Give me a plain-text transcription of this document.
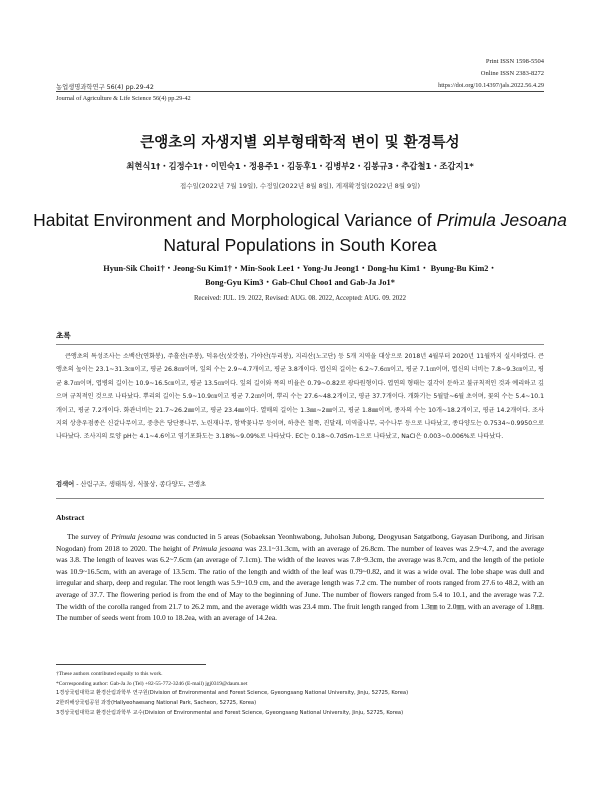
Print ISSN 1598-5504
Online ISSN 2383-8272
농업생명과학연구 56(4) pp.29-42	https://doi.org/10.14397/jals.2022.56.4.29
Journal of Agriculture & Life Science 56(4) pp.29-42
큰앵초의 자생지별 외부형태학적 변이 및 환경특성
최현식1†・김정수1†・이민숙1・정용주1・김동후1・김병부2・김봉규3・추갑철1・조갑지1*
접수일(2022년 7월 19일), 수정일(2022년 8월 8일), 게재확정일(2022년 8월 9일)
Habitat Environment and Morphological Variance of Primula Jesoana
Natural Populations in South Korea
Hyun-Sik Choi1†・Jeong-Su Kim1†・Min-Sook Lee1・Yong-Ju Jeong1・Dong-hu Kim1・ Byung-Bu Kim2・
Bong-Gyu Kim3・Gab-Chul Choo1 and Gab-Ja Jo1*
Received: JUL. 19. 2022, Revised: AUG. 08. 2022, Accepted: AUG. 09. 2022
초록
큰앵초의 특성조사는 소백산(연화봉), 주흘산(주봉), 덕유산(삿갓봉), 가야산(두리봉), 지리산(노고단) 등 5개 지역을 대상으로 2018년 4월부터 2020년 11월까지 실시하였다. 큰앵초의 높이는 23.1~31.3㎝이고, 평균 26.8㎝이며, 잎의 수는 2.9~4.7개이고, 평균 3.8개이다. 엽신의 길이는 6.2~7.6㎝이고, 평균 7.1㎝이며, 엽신의 너비는 7.8~9.3㎝이고, 평균 8.7㎝이며, 엽병의 길이는 10.9~16.5㎝이고, 평균 13.5㎝이다. 잎의 길이와 폭의 비율은 0.79~0.82로 광타원형이다. 엽연의 형태는 결각이 둔하고 불규칙적인 것과 예리하고 깊으며 규칙적인 것으로 나타났다. 뿌리의 길이는 5.9~10.9㎝이고 평균 7.2㎝이며, 뿌리 수는 27.6~48.2개이고, 평균 37.7개이다. 개화기는 5월말~6월 초이며, 꽃의 수는 5.4~10.1개이고, 평균 7.2개이다. 화관너비는 21.7~26.2㎜이고, 평균 23.4㎜이다. 열매의 길이는 1.3㎜~2㎜이고, 평균 1.8㎜이며, 종자의 수는 10개~18.2개이고, 평균 14.2개이다. 조사지의 상층우점종은 신갈나무이고, 중층은 당단풍나무, 노린재나무, 함박꽃나무 등이며, 하층은 철쭉, 진달래, 미역줄나무, 국수나무 등으로 나타났고, 종다양도는 0.7534~0.9950으로 나타났다. 조사지의 토양 pH는 4.1~4.6이고 염기포화도는 3.18%~9.09%로 나타났다. EC는 0.18~0.7dSm-1으로 나타났고, NaCl은 0.003~0.006%로 나타났다.
검색어 - 산림구조, 생태특성, 식물상, 종다양도, 큰앵초
Abstract
The survey of Primula jesoana was conducted in 5 areas (Sobaeksan Yeonhwabong, Juholsan Jubong, Deogyusan Satgatbong, Gayasan Duribong, and Jirisan Nogodan) from 2018 to 2020. The height of Primula jesoana was 23.1~31.3cm, with an average of 26.8cm. The number of leaves was 2.9~4.7, and the average was 3.8. The length of leaves was 6.2~7.6cm (an average of 7.1cm). The width of the leaves was 7.8~9.3cm, the average was 8.7cm, and the length of the petiole was 10.9~16.5cm, with an average of 13.5cm. The ratio of the length and width of the leaf was 0.79~0.82, and it was a wide oval. The lobe shape was dull and irregular and sharp, deep and regular. The root length was 5.9~10.9 cm, and the average length was 7.2 cm. The number of roots ranged from 27.6 to 48.2, with an average of 37.7. The flowering period is from the end of May to the beginning of June. The number of flowers ranged from 5.4 to 10.1, and the average was 7.2. The width of the corolla ranged from 21.7 to 26.2 mm, and the average width was 23.4 mm. The fruit length ranged from 1.3㎜ to 2.0㎜, with an average of 1.8㎜. The number of seeds went from 10.0 to 18.2ea, with an average of 14.2ea.
†These authors contributed equally to this work.
*Corresponding author: Gab-Ja Jo (Tel) +82-55-772-3246 (E-mail) jgj0319@daum.net
1경상국립대학교 환경산림과학부 연구원(Division of Environmental and Forest Science, Gyeongsang National University, Jinju, 52725, Korea)
2한려해상국립공원 과장(Hallyeohaesang National Park, Sacheon, 52725, Korea)
3경상국립대학교 환경산림과학부 교수(Division of Environmental and Forest Science, Gyeongsang National University, Jinju, 52725, Korea)
